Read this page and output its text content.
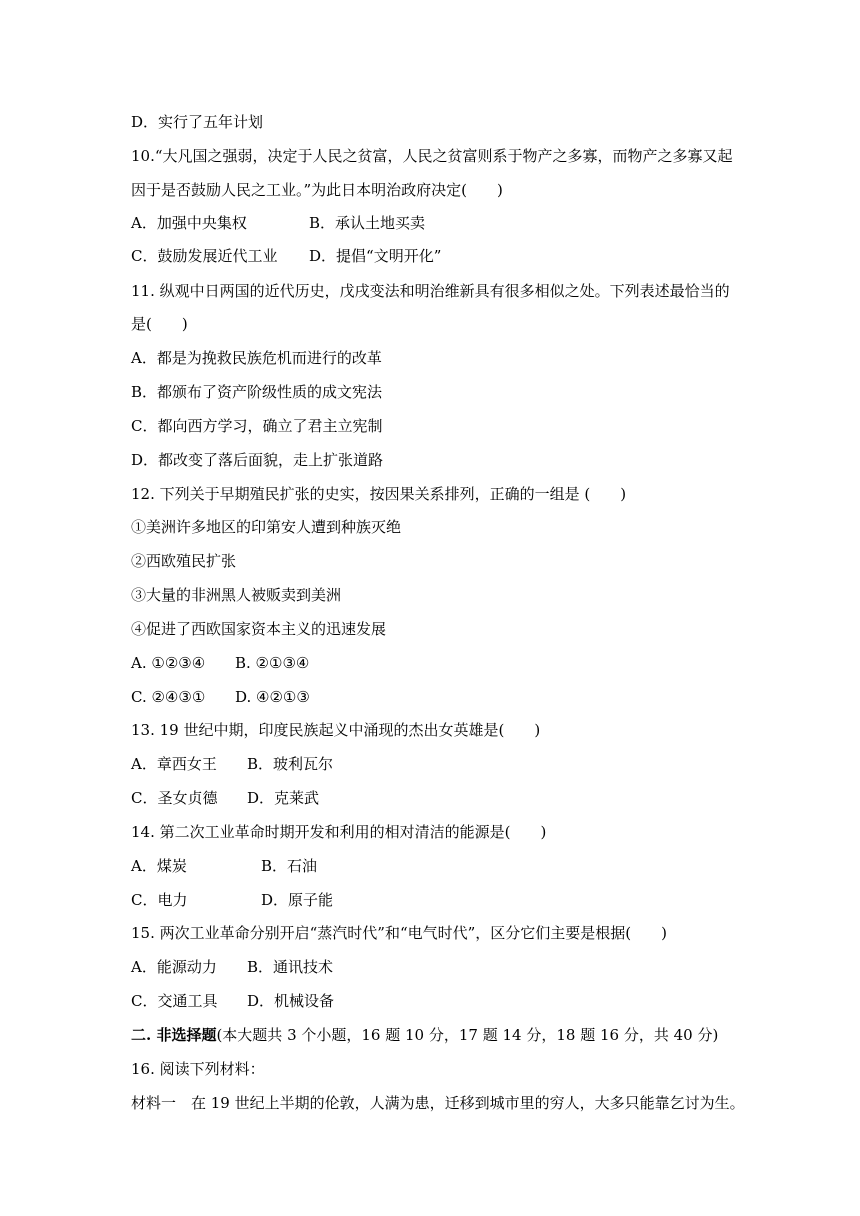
D．实行了五年计划
10.“大凡国之强弱，决定于人民之贫富，人民之贫富则系于物产之多寡，而物产之多寡又起
因于是否鼓励人民之工业。”为此日本明治政府决定(　　)
A．加强中央集权	B．承认土地买卖
C．鼓励发展近代工业 D．提倡“文明开化”
11. 纵观中日两国的近代历史，戊戌变法和明治维新具有很多相似之处。下列表述最恰当的
是(　　)
A．都是为挽救民族危机而进行的改革
B．都颁布了资产阶级性质的成文宪法
C．都向西方学习，确立了君主立宪制
D．都改变了落后面貌，走上扩张道路
12. 下列关于早期殖民扩张的史实，按因果关系排列，正确的一组是 (　　)
①美洲许多地区的印第安人遭到种族灭绝
②西欧殖民扩张
③大量的非洲黑人被贩卖到美洲
④促进了西欧国家资本主义的迅速发展
A. ①②③④ B. ②①③④
C. ②④③① D. ④②①③
13. 19 世纪中期，印度民族起义中涌现的杰出女英雄是(　　)
A．章西女王 B．玻利瓦尔
C．圣女贞德 D．克莱武
14. 第二次工业革命时期开发和利用的相对清洁的能源是(　　)
A．煤炭	B．石油
C．电力	D．原子能
15. 两次工业革命分别开启“蒸汽时代”和“电气时代”，区分它们主要是根据(　　)
A．能源动力 B．通讯技术
C．交通工具 D．机械设备
二. 非选择题(本大题共 3 个小题，16 题 10 分，17 题 14 分，18 题 16 分，共 40 分)
16. 阅读下列材料：
材料一　在 19 世纪上半期的伦敦，人满为患，迁移到城市里的穷人，大多只能靠乞讨为生。
